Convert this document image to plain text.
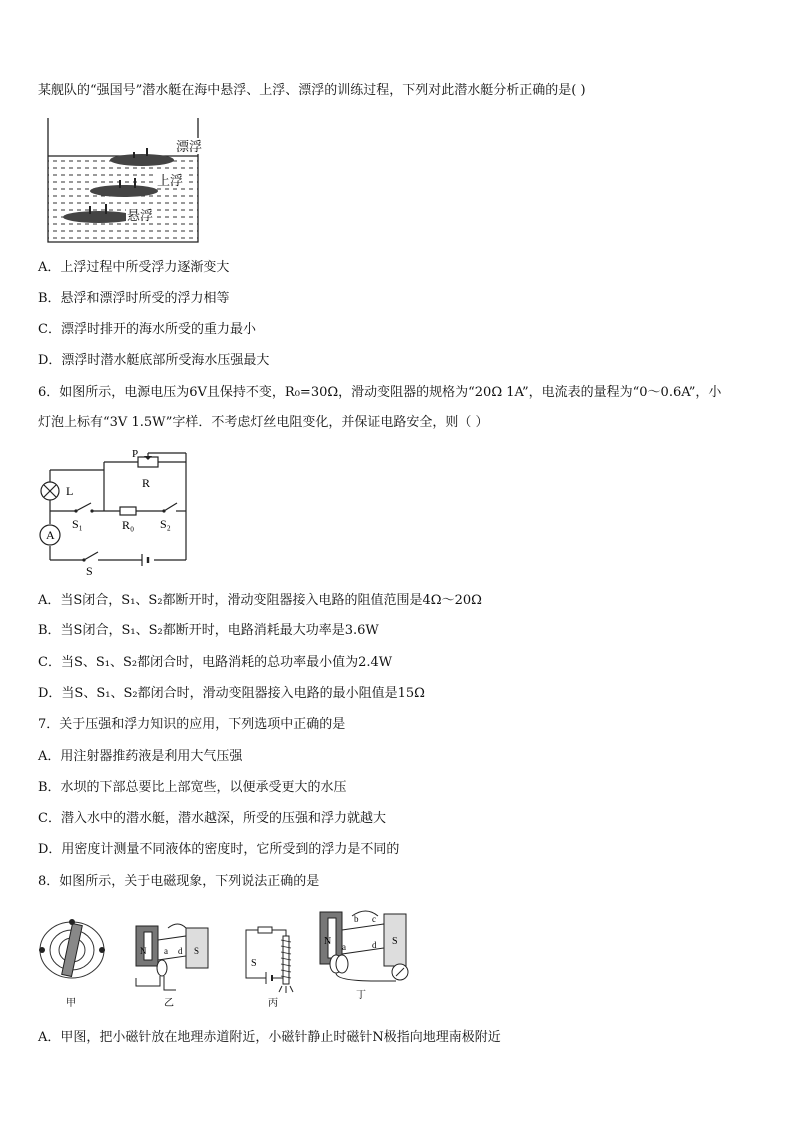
某舰队的“强国号”潜水艇在海中悬浮、上浮、漂浮的训练过程，下列对此潜水艇分析正确的是( )
漂浮
上浮
悬浮
A．上浮过程中所受浮力逐渐变大
B．悬浮和漂浮时所受的浮力相等
C．漂浮时排开的海水所受的重力最小
D．漂浮时潜水艇底部所受海水压强最大
6．如图所示，电源电压为6V且保持不变，R₀=30Ω，滑动变阻器的规格为“20Ω 1A”，电流表的量程为“0～0.6A”，小
灯泡上标有“3V 1.5W”字样．不考虑灯丝电阻变化，并保证电路安全，则（ ）
P
R
L
S₁	R₀ S₂
A
S
A．当S闭合，S₁、S₂都断开时，滑动变阻器接入电路的阻值范围是4Ω～20Ω
B．当S闭合，S₁、S₂都断开时，电路消耗最大功率是3.6W
C．当S、S₁、S₂都闭合时，电路消耗的总功率最小值为2.4W
D．当S、S₁、S₂都闭合时，滑动变阻器接入电路的最小阻值是15Ω
7．关于压强和浮力知识的应用，下列选项中正确的是
A．用注射器推药液是利用大气压强
B．水坝的下部总要比上部宽些，以便承受更大的水压
C．潜入水中的潜水艇，潜水越深，所受的压强和浮力就越大
D．用密度计测量不同液体的密度时，它所受到的浮力是不同的
8．如图所示，关于电磁现象，下列说法正确的是
甲
N	S
a d
乙
S
丙
N	S
a
b c
d
丁
A．甲图，把小磁针放在地理赤道附近，小磁针静止时磁针N极指向地理南极附近
